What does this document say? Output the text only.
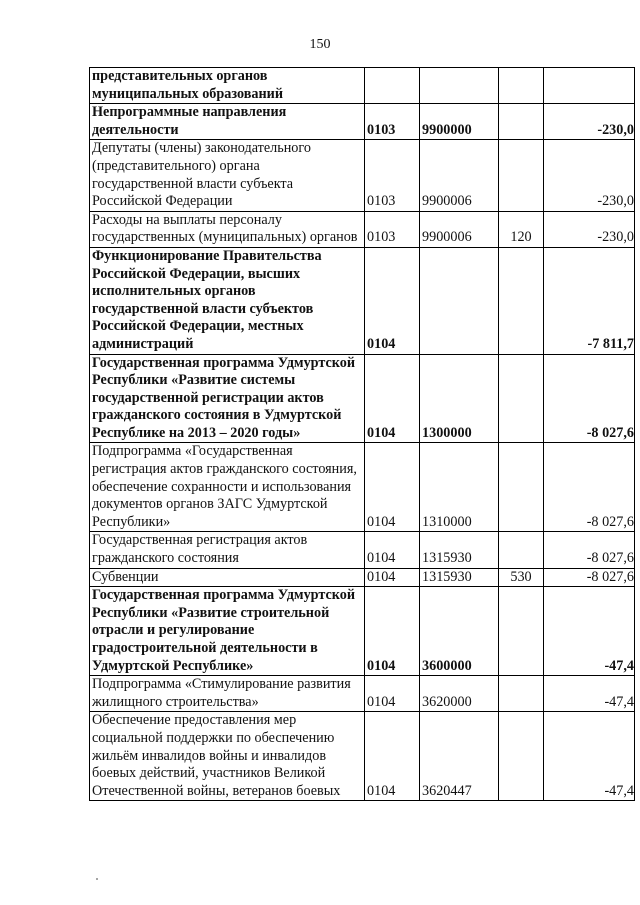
150
представительных органов муниципальных образований				
Непрограммные направления деятельности	0103	9900000		-230,0
Депутаты (члены) законодательного (представительного) органа государственной власти субъекта Российской Федерации	0103	9900006		-230,0
Расходы на выплаты персоналу государственных (муниципальных) органов	0103	9900006	120	-230,0
Функционирование Правительства Российской Федерации, высших исполнительных органов государственной власти субъектов Российской Федерации, местных администраций	0104			-7 811,7
Государственная программа Удмуртской Республики «Развитие системы государственной регистрации актов гражданского состояния в Удмуртской Республике на 2013 – 2020 годы»	0104	1300000		-8 027,6
Подпрограмма «Государственная регистрация актов гражданского состояния, обеспечение сохранности и использования документов органов ЗАГС Удмуртской Республики»	0104	1310000		-8 027,6
Государственная регистрация актов гражданского состояния	0104	1315930		-8 027,6
Субвенции	0104	1315930	530	-8 027,6
Государственная программа Удмуртской Республики «Развитие строительной отрасли и регулирование градостроительной деятельности в Удмуртской Республике»	0104	3600000		-47,4
Подпрограмма «Стимулирование развития жилищного строительства»	0104	3620000		-47,4
Обеспечение предоставления мер социальной поддержки по обеспечению жильём инвалидов войны и инвалидов боевых действий, участников Великой Отечественной войны, ветеранов боевых	0104	3620447		-47,4
